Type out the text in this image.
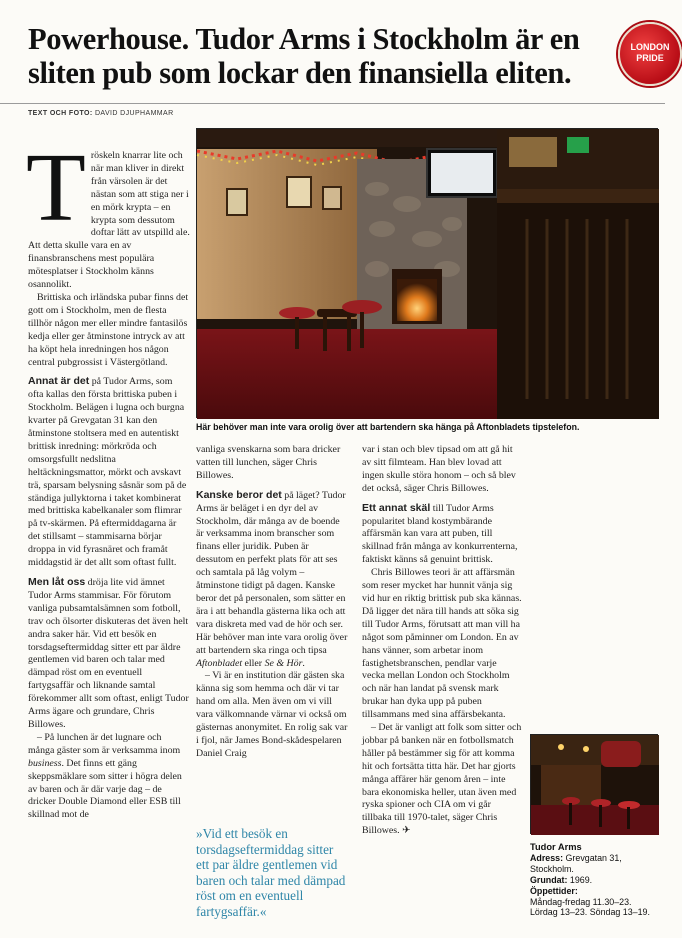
Powerhouse. Tudor Arms i Stockholm är en sliten pub som lockar den finansiella eliten.
LONDON
PRIDE
TEXT OCH FOTO: DAVID DJUPHAMMAR

Tröskeln knarrar lite och när man kliver in direkt från värsolen är det nästan som att stiga ner i en mörk krypta – en krypta som dessutom doftar lätt av utspilld ale. Att detta skulle vara en av finansbranschens mest populära mötesplatser i Stockholm känns osannolikt.

Brittiska och irländska pubar finns det gott om i Stockholm, men de flesta tillhör någon mer eller mindre fantasilös kedja eller ger åtminstone intryck av att ha köpt hela inredningen hos någon central pubgrossist i Västergötland.

Annat är det på Tudor Arms, som ofta kallas den första brittiska puben i Stockholm. Belägen i lugna och burgna kvarter på Grevgatan 31 kan den åtminstone stoltsera med en autentiskt brittisk inredning: mörkröda och omsorgsfullt nedslitna heltäckningsmattor, mörkt och avskavt trä, sparsam belysning såsnär som på de ständiga jullyktorna i taket kombinerat med brittiska kabelkanaler som flimrar på tv-skärmen. På eftermiddagarna är det stillsamt – stammisarna börjar droppa in vid fyrasnäret och framåt middagstid är det allt som oftast fullt.

Men låt oss dröja lite vid ämnet Tudor Arms stammisar. För förutom vanliga pubsamtalsämnen som fotboll, trav och ölsorter diskuteras det även helt andra saker här. Vid ett besök en torsdagseftermiddag sitter ett par äldre gentlemen vid baren och talar med dämpad röst om en eventuell fartygsaffär och liknande samtal förekommer allt som oftast, enligt Tudor Arms ägare och grundare, Chris Billowes.

– På lunchen är det lugnare och många gäster som är verksamma inom business. Det finns ett gäng skeppsmäklare som sitter i högra delen av baren och är där varje dag – de dricker Double Diamond eller ESB till skillnad mot de

Här behöver man inte vara orolig över att bartendern ska hänga på Aftonbladets tipstelefon.

vanliga svenskarna som bara dricker vatten till lunchen, säger Chris Billowes.

Kanske beror det på läget? Tudor Arms är beläget i en dyr del av Stockholm, där många av de boende är verksamma inom branscher som finans eller juridik. Puben är dessutom en perfekt plats för att ses och samtala på låg volym – åtminstone tidigt på dagen. Kanske beror det på personalen, som sätter en ära i att behandla gästerna lika och att vara diskreta med vad de hör och ser. Här behöver man inte vara orolig över att bartendern ska ringa och tipsa Aftonbladet eller Se & Hör.

– Vi är en institution där gästen ska känna sig som hemma och där vi tar hand om alla. Men även om vi vill vara välkomnande värnar vi också om gästernas anonymitet. En rolig sak var i fjol, när James Bond-skådespelaren Daniel Craig

»Vid ett besök en torsdagseftermiddag sitter ett par äldre gentlemen vid baren och talar med dämpad röst om en eventuell fartygsaffär.«

var i stan och blev tipsad om att gå hit av sitt filmteam. Han blev lovad att ingen skulle störa honom – och så blev det också, säger Chris Billowes.

Ett annat skäl till Tudor Arms popularitet bland kostymbärande affärsmän kan vara att puben, till skillnad från många av konkurrenterna, faktiskt känns så genuint brittisk.

Chris Billowes teori är att affärsmän som reser mycket har hunnit vänja sig vid hur en riktig brittisk pub ska kännas. Då ligger det nära till hands att söka sig till Tudor Arms, förutsatt att man vill ha något som påminner om London. En av hans vänner, som arbetar inom fastighetsbranschen, pendlar varje vecka mellan London och Stockholm och när han landat på svensk mark brukar han dyka upp på puben tillsammans med sina affärsbekanta.

– Det är vanligt att folk som sitter och jobbar på banken när en fotbollsmatch håller på bestämmer sig för att komma hit och fortsätta titta här. Det har gjorts många affärer här genom åren – inte bara ekonomiska heller, utan även med ryska spioner och CIA om vi går tillbaka till 1970-talet, säger Chris Billowes. ✈

Tudor Arms
Adress: Grevgatan 31, Stockholm.
Grundat: 1969.
Öppettider:
Måndag-fredag 11.30–23.
Lördag 13–23. Söndag 13–19.
